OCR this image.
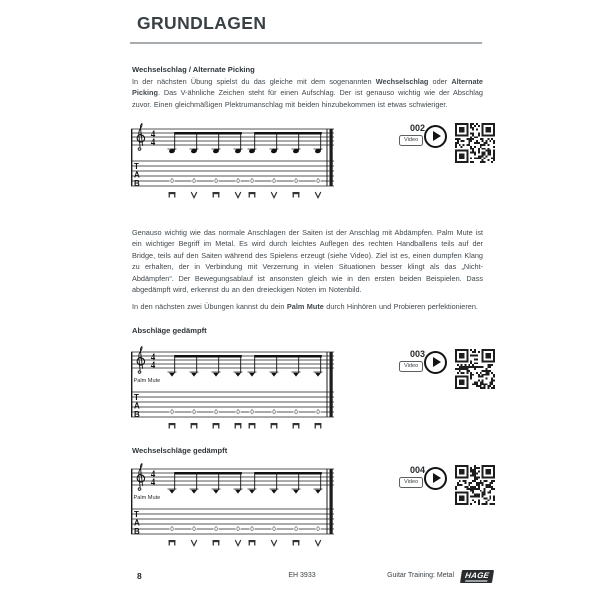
GRUNDLAGEN
Wechselschlag / Alternate Picking
In der nächsten Übung spielst du das gleiche mit dem sogenannten Wechselschlag oder Alternate Picking. Das V-ähnliche Zeichen steht für einen Aufschlag. Der ist genauso wichtig wie der Abschlag zuvor. Einen gleichmäßigen Plektrumanschlag mit beiden hinzubekommen ist etwas schwieriger.
4
4
T
A
B	0	0	0	0 0	0	0	0
002
Video
Genauso wichtig wie das normale Anschlagen der Saiten ist der Anschlag mit Abdämpfen. Palm Mute ist ein wichtiger Begriff im Metal. Es wird durch leichtes Auflegen des rechten Handballens teils auf der Bridge, teils auf den Saiten während des Spielens erzeugt (siehe Video). Ziel ist es, einen dumpfen Klang zu erhalten, der in Verbindung mit Verzerrung in vielen Situationen besser klingt als das „Nicht-Abdämpfen“. Der Bewegungsablauf ist ansonsten gleich wie in den ersten beiden Beispielen. Dass abgedämpft wird, erkennst du an den dreieckigen Noten im Notenbild.
In den nächsten zwei Übungen kannst du dein Palm Mute durch Hinhören und Probieren perfektionieren.
Abschläge gedämpft
4
4
T
A
B
Palm Mute
0	0	0	0 0	0	0	0
003
Video
Wechselschläge gedämpft
4
4
T
A
B
Palm Mute
0	0	0	0 0	0	0	0
004
Video
8	EH 3933	Guitar Training: Metal	HAGE
